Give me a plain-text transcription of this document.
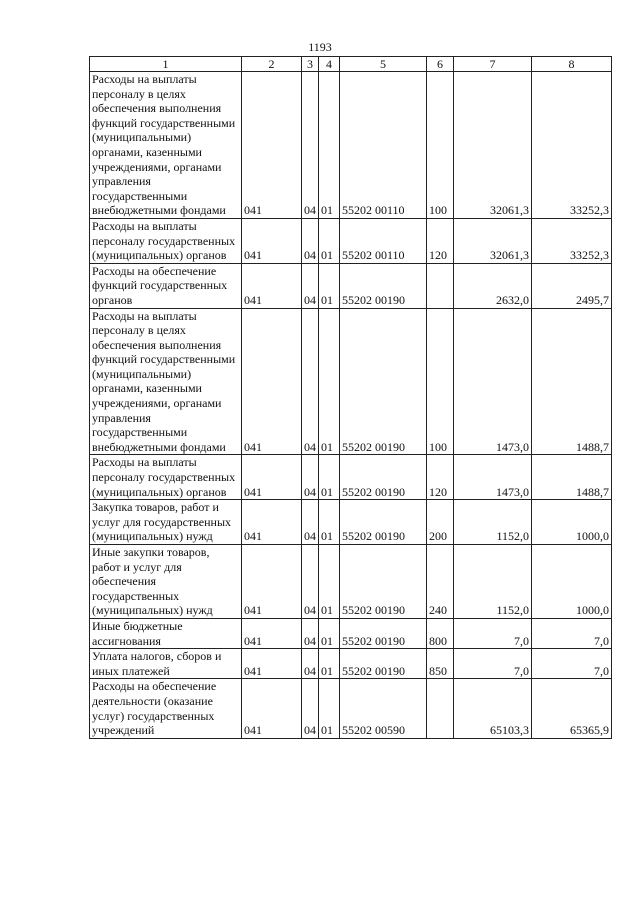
1193
1	2	3	4	5	6	7	8
Расходы на выплаты персоналу в целях обеспечения выполнения функций государственными (муниципальными) органами, казенными учреждениями, органами управления государственными внебюджетными фондами	041	04	01	55202 00110	100	32061,3	33252,3
Расходы на выплаты персоналу государственных (муниципальных) органов	041	04	01	55202 00110	120	32061,3	33252,3
Расходы на обеспечение функций государственных органов	041	04	01	55202 00190		2632,0	2495,7
Расходы на выплаты персоналу в целях обеспечения выполнения функций государственными (муниципальными) органами, казенными учреждениями, органами управления государственными внебюджетными фондами	041	04	01	55202 00190	100	1473,0	1488,7
Расходы на выплаты персоналу государственных (муниципальных) органов	041	04	01	55202 00190	120	1473,0	1488,7
Закупка товаров, работ и услуг для государственных (муниципальных) нужд	041	04	01	55202 00190	200	1152,0	1000,0
Иные закупки товаров, работ и услуг для обеспечения государственных (муниципальных) нужд	041	04	01	55202 00190	240	1152,0	1000,0
Иные бюджетные ассигнования	041	04	01	55202 00190	800	7,0	7,0
Уплата налогов, сборов и иных платежей	041	04	01	55202 00190	850	7,0	7,0
Расходы на обеспечение деятельности (оказание услуг) государственных учреждений	041	04	01	55202 00590		65103,3	65365,9
